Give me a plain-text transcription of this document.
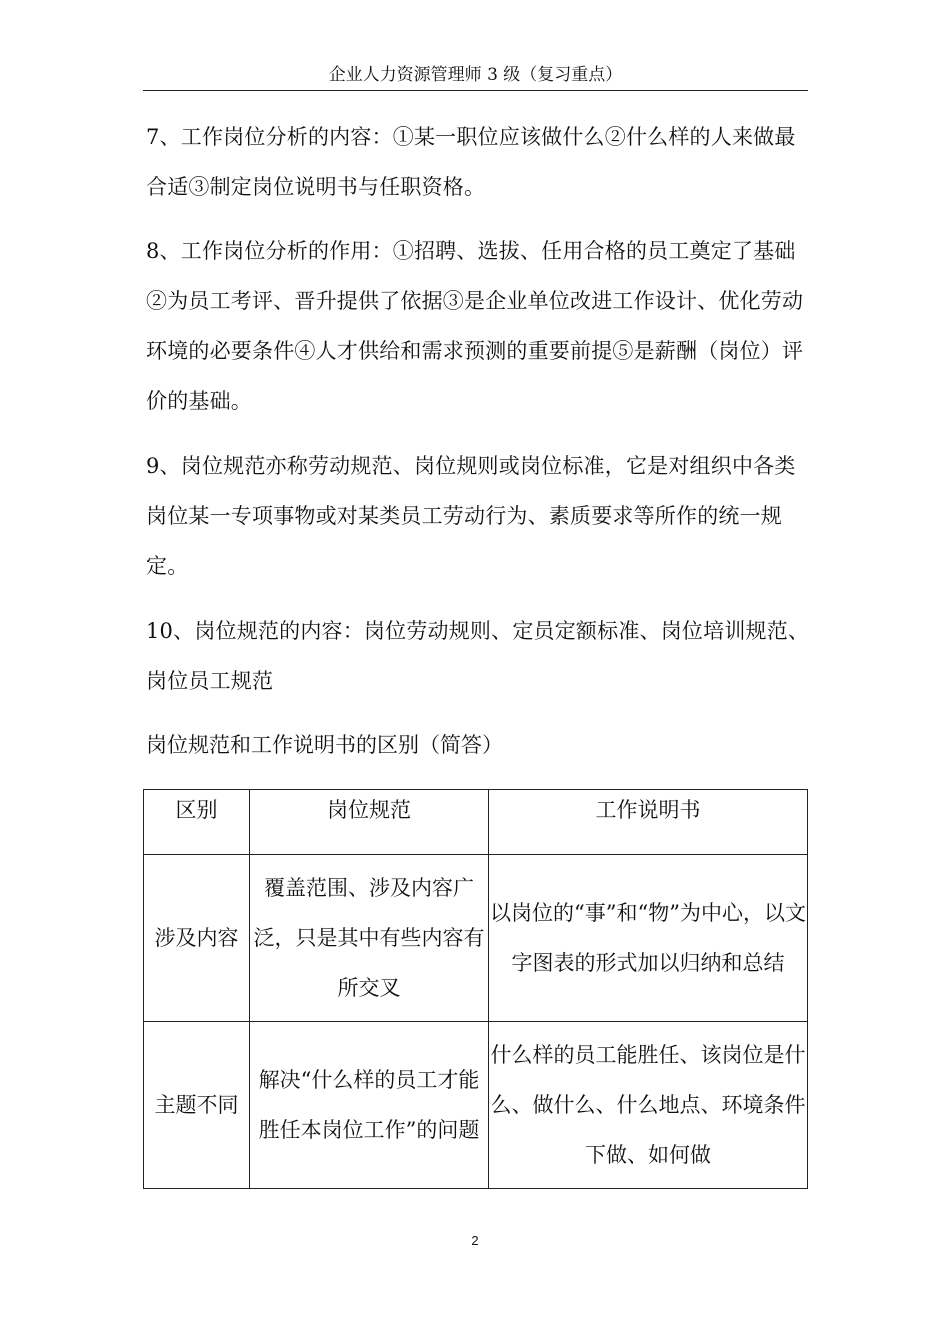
企业人力资源管理师 3 级（复习重点）

7、工作岗位分析的内容：①某一职位应该做什么②什么样的人来做最合适③制定岗位说明书与任职资格。

8、工作岗位分析的作用：①招聘、选拔、任用合格的员工奠定了基础②为员工考评、晋升提供了依据③是企业单位改进工作设计、优化劳动环境的必要条件④人才供给和需求预测的重要前提⑤是薪酬（岗位）评价的基础。

9、岗位规范亦称劳动规范、岗位规则或岗位标准，它是对组织中各类岗位某一专项事物或对某类员工劳动行为、素质要求等所作的统一规定。

10、岗位规范的内容：岗位劳动规则、定员定额标准、岗位培训规范、岗位员工规范

岗位规范和工作说明书的区别（简答）

区别	岗位规范	工作说明书
涉及内容	覆盖范围、涉及内容广泛，只是其中有些内容有所交叉	以岗位的“事”和“物”为中心，以文字图表的形式加以归纳和总结
主题不同	解决“什么样的员工才能胜任本岗位工作”的问题	什么样的员工能胜任、该岗位是什么、做什么、什么地点、环境条件下做、如何做
2
